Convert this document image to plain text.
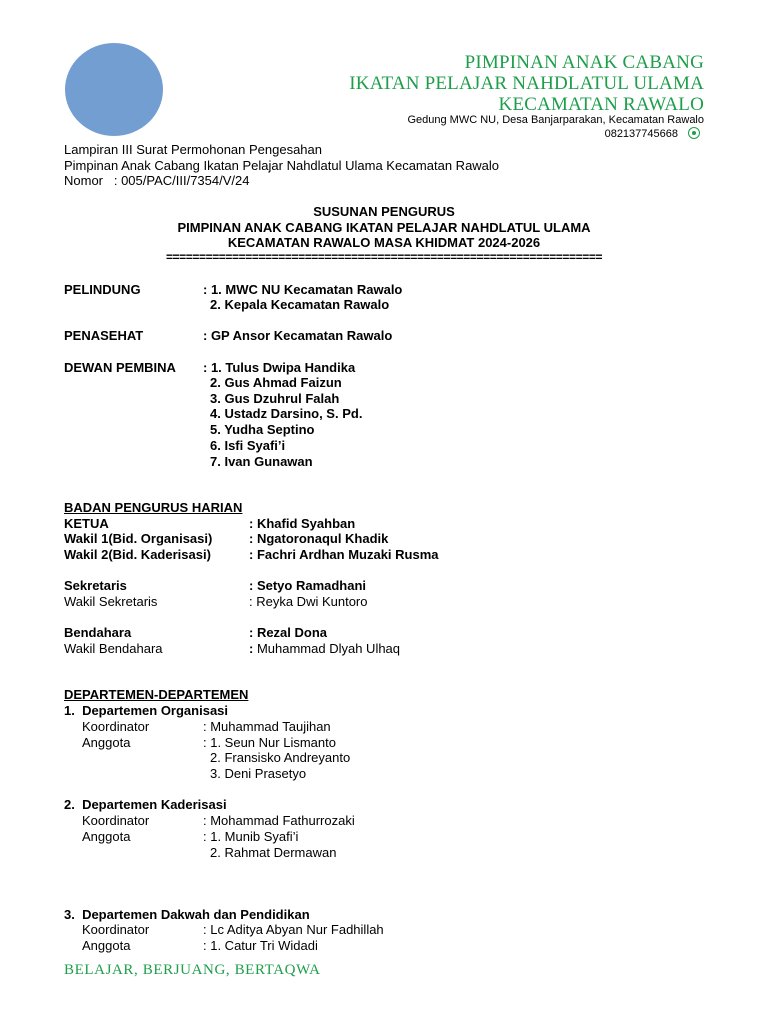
PIMPINAN ANAK CABANG
IKATAN PELAJAR NAHDLATUL ULAMA
KECAMATAN RAWALO
Gedung MWC NU, Desa Banjarparakan, Kecamatan Rawalo
082137745668
Lampiran III Surat Permohonan Pengesahan
Pimpinan Anak Cabang Ikatan Pelajar Nahdlatul Ulama Kecamatan Rawalo
Nomor   : 005/PAC/III/7354/V/24
SUSUNAN PENGURUS
PIMPINAN ANAK CABANG IKATAN PELAJAR NAHDLATUL ULAMA
KECAMATAN RAWALO MASA KHIDMAT 2024-2026
==================================================================
PELINDUNG	: 1. MWC NU Kecamatan Rawalo
2. Kepala Kecamatan Rawalo
PENASEHAT	: GP Ansor Kecamatan Rawalo
DEWAN PEMBINA : 1. Tulus Dwipa Handika
2. Gus Ahmad Faizun
3. Gus Dzuhrul Falah
4. Ustadz Darsino, S. Pd.
5. Yudha Septino
6. Isfi Syafi’i
7. Ivan Gunawan
BADAN PENGURUS HARIAN
KETUA	: Khafid Syahban
Wakil 1(Bid. Organisasi)	: Ngatoronaqul Khadik
Wakil 2(Bid. Kaderisasi)	: Fachri Ardhan Muzaki Rusma
Sekretaris	: Setyo Ramadhani
Wakil Sekretaris	: Reyka Dwi Kuntoro
Bendahara	: Rezal Dona
Wakil Bendahara	: Muhammad Dlyah Ulhaq
DEPARTEMEN-DEPARTEMEN
1.  Departemen Organisasi
Koordinator	: Muhammad Taujihan
Anggota	: 1. Seun Nur Lismanto
2. Fransisko Andreyanto
3. Deni Prasetyo
2.  Departemen Kaderisasi
Koordinator	: Mohammad Fathurrozaki
Anggota	: 1. Munib Syafi’i
2. Rahmat Dermawan
3.  Departemen Dakwah dan Pendidikan
Koordinator	: Lc Aditya Abyan Nur Fadhillah
Anggota	: 1. Catur Tri Widadi
BELAJAR, BERJUANG, BERTAQWA
